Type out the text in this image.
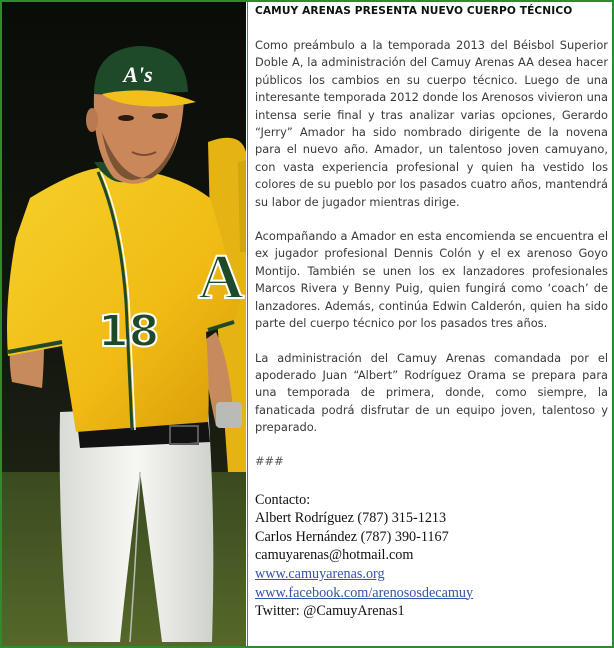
A
18
A's
CAMUY ARENAS PRESENTA NUEVO CUERPO TÉCNICO

Como preámbulo a la temporada 2013 del Béisbol Superior Doble A, la administración del Camuy Arenas AA desea hacer públicos los cambios en su cuerpo técnico. Luego de una interesante temporada 2012 donde los Arenosos vivieron una intensa serie final y tras analizar varias opciones, Gerardo “Jerry” Amador ha sido nombrado dirigente de la novena para el nuevo año. Amador, un talentoso joven camuyano, con vasta experiencia profesional y quien ha vestido los colores de su pueblo por los pasados cuatro años, mantendrá su labor de jugador mientras dirige.

Acompañando a Amador en esta encomienda se encuentra el ex jugador profesional Dennis Colón y el ex arenoso Goyo Montijo. También se unen los ex lanzadores profesionales Marcos Rivera y Benny Puig, quien fungirá como ‘coach’ de lanzadores. Además, continúa Edwin Calderón, quien ha sido parte del cuerpo técnico por los pasados tres años.

La administración del Camuy Arenas comandada por el apoderado Juan “Albert” Rodríguez Orama se prepara para una temporada de primera, donde, como siempre, la fanaticada podrá disfrutar de un equipo joven, talentoso y preparado.

###
Contacto:
Albert Rodríguez (787) 315-1213
Carlos Hernández (787) 390-1167
camuyarenas@hotmail.com
www.camuyarenas.org
www.facebook.com/arenososdecamuy
Twitter: @CamuyArenas1
